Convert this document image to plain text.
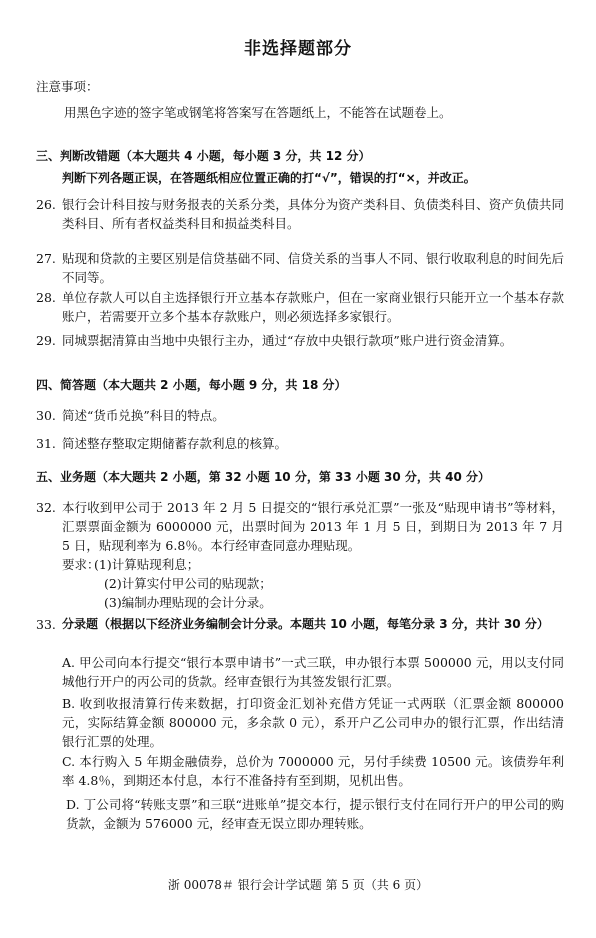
非选择题部分
注意事项：
用黑色字迹的签字笔或钢笔将答案写在答题纸上，不能答在试题卷上。
三、判断改错题（本大题共 4 小题，每小题 3 分，共 12 分）
判断下列各题正误，在答题纸相应位置正确的打“√”，错误的打“×，并改正。
26. 银行会计科目按与财务报表的关系分类，具体分为资产类科目、负债类科目、资产负债共同类科目、所有者权益类科目和损益类科目。
27. 贴现和贷款的主要区别是信贷基础不同、信贷关系的当事人不同、银行收取利息的时间先后不同等。
28. 单位存款人可以自主选择银行开立基本存款账户，但在一家商业银行只能开立一个基本存款账户，若需要开立多个基本存款账户，则必须选择多家银行。
29. 同城票据清算由当地中央银行主办，通过“存放中央银行款项”账户进行资金清算。
四、简答题（本大题共 2 小题，每小题 9 分，共 18 分）
30. 简述“货币兑换”科目的特点。
31. 简述整存整取定期储蓄存款利息的核算。
五、业务题（本大题共 2 小题，第 32 小题 10 分，第 33 小题 30 分，共 40 分）
32. 本行收到甲公司于 2013 年 2 月 5 日提交的“银行承兑汇票”一张及“贴现申请书”等材料，汇票票面金额为 6000000 元，出票时间为 2013 年 1 月 5 日，到期日为 2013 年 7 月 5 日，贴现利率为 6.8％。本行经审查同意办理贴现。
要求：
(1)计算贴现利息；
(2)计算实付甲公司的贴现款；
(3)编制办理贴现的会计分录。
33. 分录题（根据以下经济业务编制会计分录。本题共 10 小题，每笔分录 3 分，共计 30 分）
A. 甲公司向本行提交“银行本票申请书”一式三联，申办银行本票 500000 元，用以支付同城他行开户的丙公司的货款。经审查银行为其签发银行汇票。
B. 收到收报清算行传来数据，打印资金汇划补充借方凭证一式两联（汇票金额 800000 元，实际结算金额 800000 元，多余款 0 元），系开户乙公司申办的银行汇票，作出结清银行汇票的处理。
C. 本行购入 5 年期金融债券，总价为 7000000 元，另付手续费 10500 元。该债券年利率 4.8％，到期还本付息，本行不准备持有至到期，见机出售。
D. 丁公司将“转账支票”和三联“进账单”提交本行，提示银行支付在同行开户的甲公司的购货款，金额为 576000 元，经审查无误立即办理转账。
浙 00078＃ 银行会计学试题 第 5 页（共 6 页）
